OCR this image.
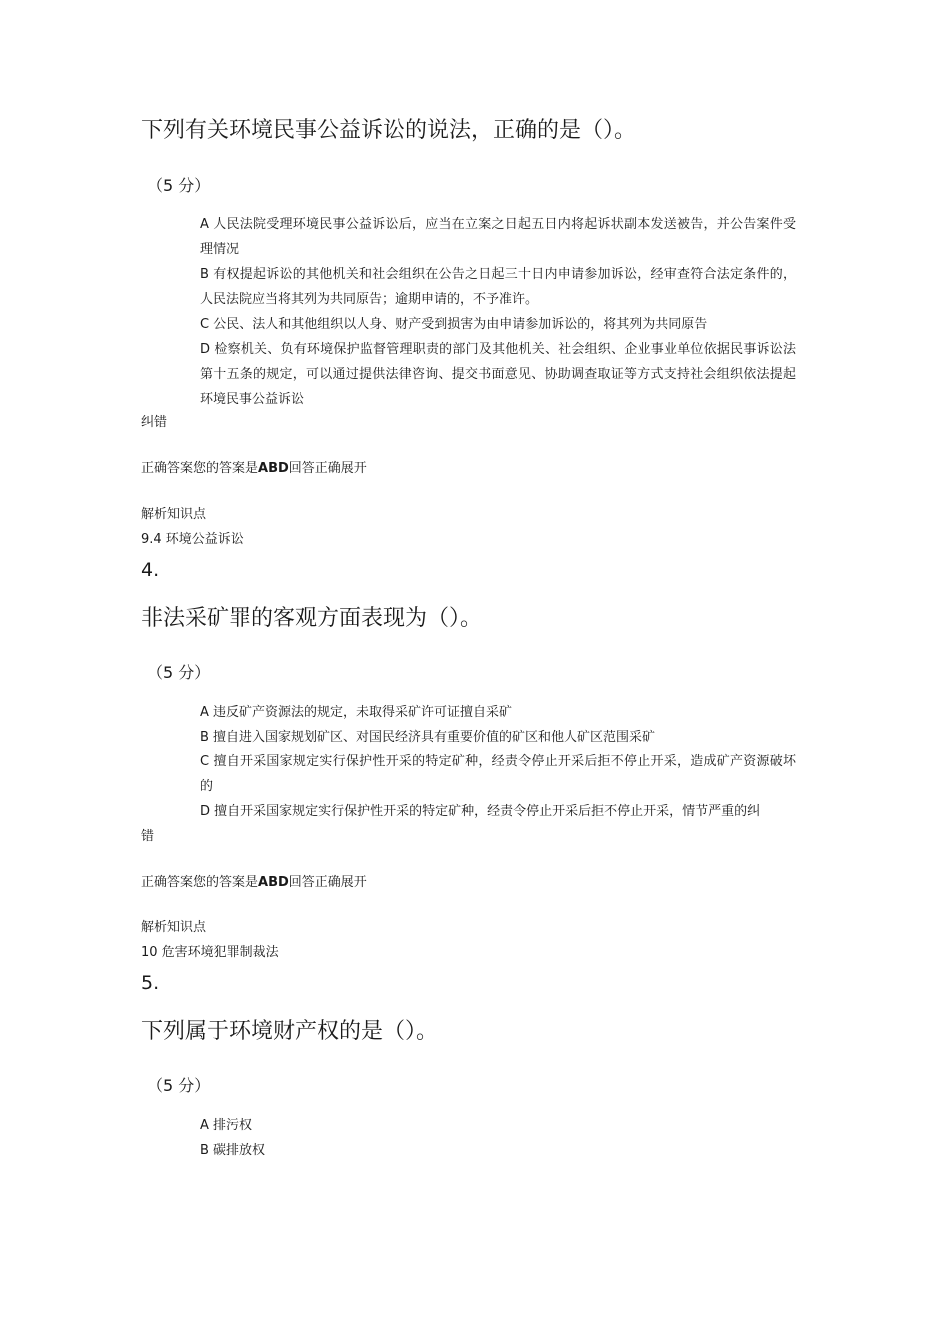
下列有关环境民事公益诉讼的说法，正确的是（）。
（5 分）
A 人民法院受理环境民事公益诉讼后，应当在立案之日起五日内将起诉状副本发送被告，并公告案件受理情况
B 有权提起诉讼的其他机关和社会组织在公告之日起三十日内申请参加诉讼，经审查符合法定条件的，人民法院应当将其列为共同原告；逾期申请的，不予准许。
C 公民、法人和其他组织以人身、财产受到损害为由申请参加诉讼的，将其列为共同原告
D 检察机关、负有环境保护监督管理职责的部门及其他机关、社会组织、企业事业单位依据民事诉讼法第十五条的规定，可以通过提供法律咨询、提交书面意见、协助调查取证等方式支持社会组织依法提起环境民事公益诉讼
纠错
正确答案您的答案是ABD回答正确展开
解析知识点
9.4 环境公益诉讼
4.
非法采矿罪的客观方面表现为（）。
（5 分）
A 违反矿产资源法的规定，未取得采矿许可证擅自采矿
B 擅自进入国家规划矿区、对国民经济具有重要价值的矿区和他人矿区范围采矿
C 擅自开采国家规定实行保护性开采的特定矿种，经责令停止开采后拒不停止开采，造成矿产资源破坏的
D 擅自开采国家规定实行保护性开采的特定矿种，经责令停止开采后拒不停止开采，情节严重的纠
错
正确答案您的答案是ABD回答正确展开
解析知识点
10 危害环境犯罪制裁法
5.
下列属于环境财产权的是（）。
（5 分）
A 排污权
B 碳排放权
